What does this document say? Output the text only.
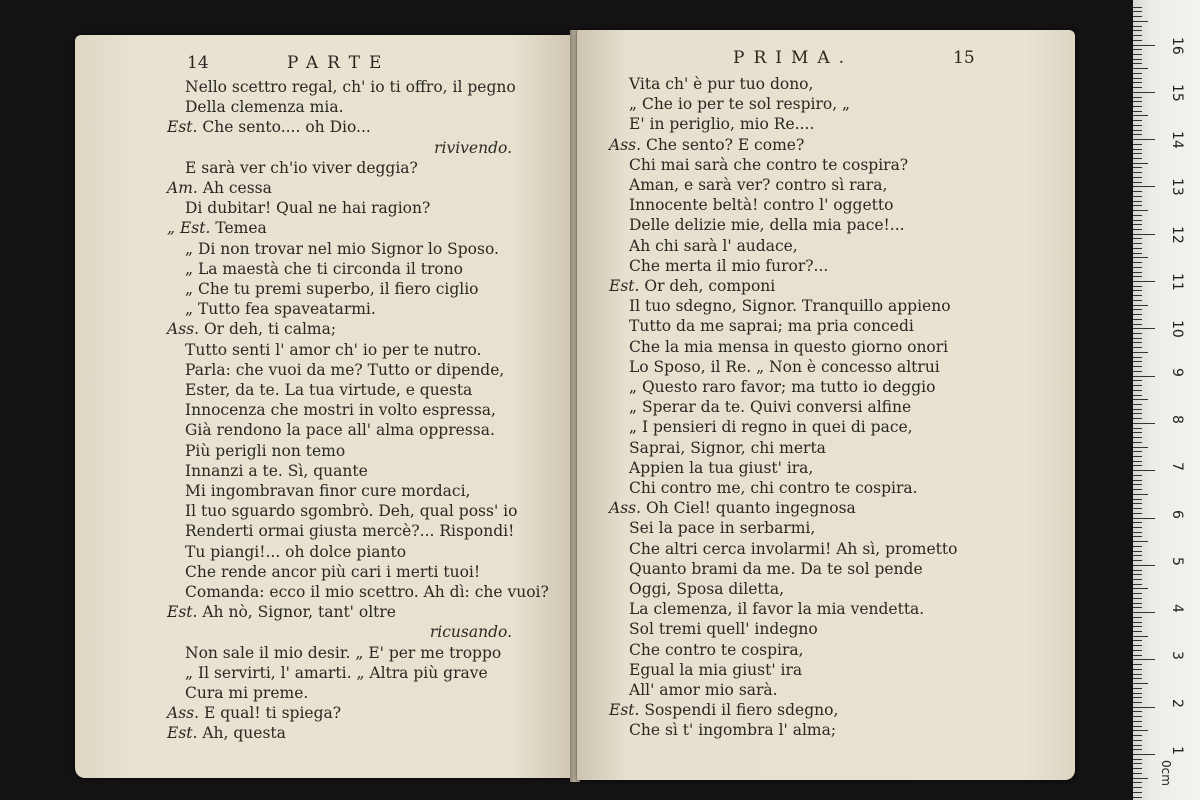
14	PARTE
Nello scettro regal, ch' io ti offro, il pegno
Della clemenza mia.
Est. Che sento.... oh Dio...
rivivendo.
E sarà ver ch'io viver deggia?
Am. Ah cessa
Di dubitar! Qual ne hai ragion?
„ Est. Temea
„ Di non trovar nel mio Signor lo Sposo.
„ La maestà che ti circonda il trono
„ Che tu premi superbo, il fiero ciglio
„ Tutto fea spaveatarmi.
Ass. Or deh, ti calma;
Tutto senti l' amor ch' io per te nutro.
Parla: che vuoi da me? Tutto or dipende,
Ester, da te. La tua virtude, e questa
Innocenza che mostri in volto espressa,
Già rendono la pace all' alma oppressa.
Più perigli non temo
Innanzi a te. Sì, quante
Mi ingombravan finor cure mordaci,
Il tuo sguardo sgombrò. Deh, qual poss' io
Renderti ormai giusta mercè?... Rispondi!
Tu piangi!... oh dolce pianto
Che rende ancor più cari i merti tuoi!
Comanda: ecco il mio scettro. Ah dì: che vuoi?
Est. Ah nò, Signor, tant' oltre
ricusando.
Non sale il mio desir. „ E' per me troppo
„ Il servirti, l' amarti. „ Altra più grave
Cura mi preme.
Ass. E qual! ti spiega?
Est. Ah, questa
PRIMA.	15
Vita ch' è pur tuo dono,
„ Che io per te sol respiro, „
E' in periglio, mio Re....
Ass. Che sento? E come?
Chi mai sarà che contro te cospira?
Aman, e sarà ver? contro sì rara,
Innocente beltà! contro l' oggetto
Delle delizie mie, della mia pace!...
Ah chi sarà l' audace,
Che merta il mio furor?...
Est. Or deh, componi
Il tuo sdegno, Signor. Tranquillo appieno
Tutto da me saprai; ma pria concedi
Che la mia mensa in questo giorno onori
Lo Sposo, il Re. „ Non è concesso altrui
„ Questo raro favor; ma tutto io deggio
„ Sperar da te. Quivi conversi alfine
„ I pensieri di regno in quei di pace,
Saprai, Signor, chi merta
Appien la tua giust' ira,
Chi contro me, chi contro te cospira.
Ass. Oh Ciel! quanto ingegnosa
Sei la pace in serbarmi,
Che altri cerca involarmi! Ah sì, prometto
Quanto brami da me. Da te sol pende
Oggi, Sposa diletta,
La clemenza, il favor la mia vendetta.
Sol tremi quell' indegno
Che contro te cospira,
Egual la mia giust' ira
All' amor mio sarà.
Est. Sospendi il fiero sdegno,
Che sì t' ingombra l' alma;
0cm
1
2
3
4
5
6
7
8
9
10
11
12
13
14
15
16
